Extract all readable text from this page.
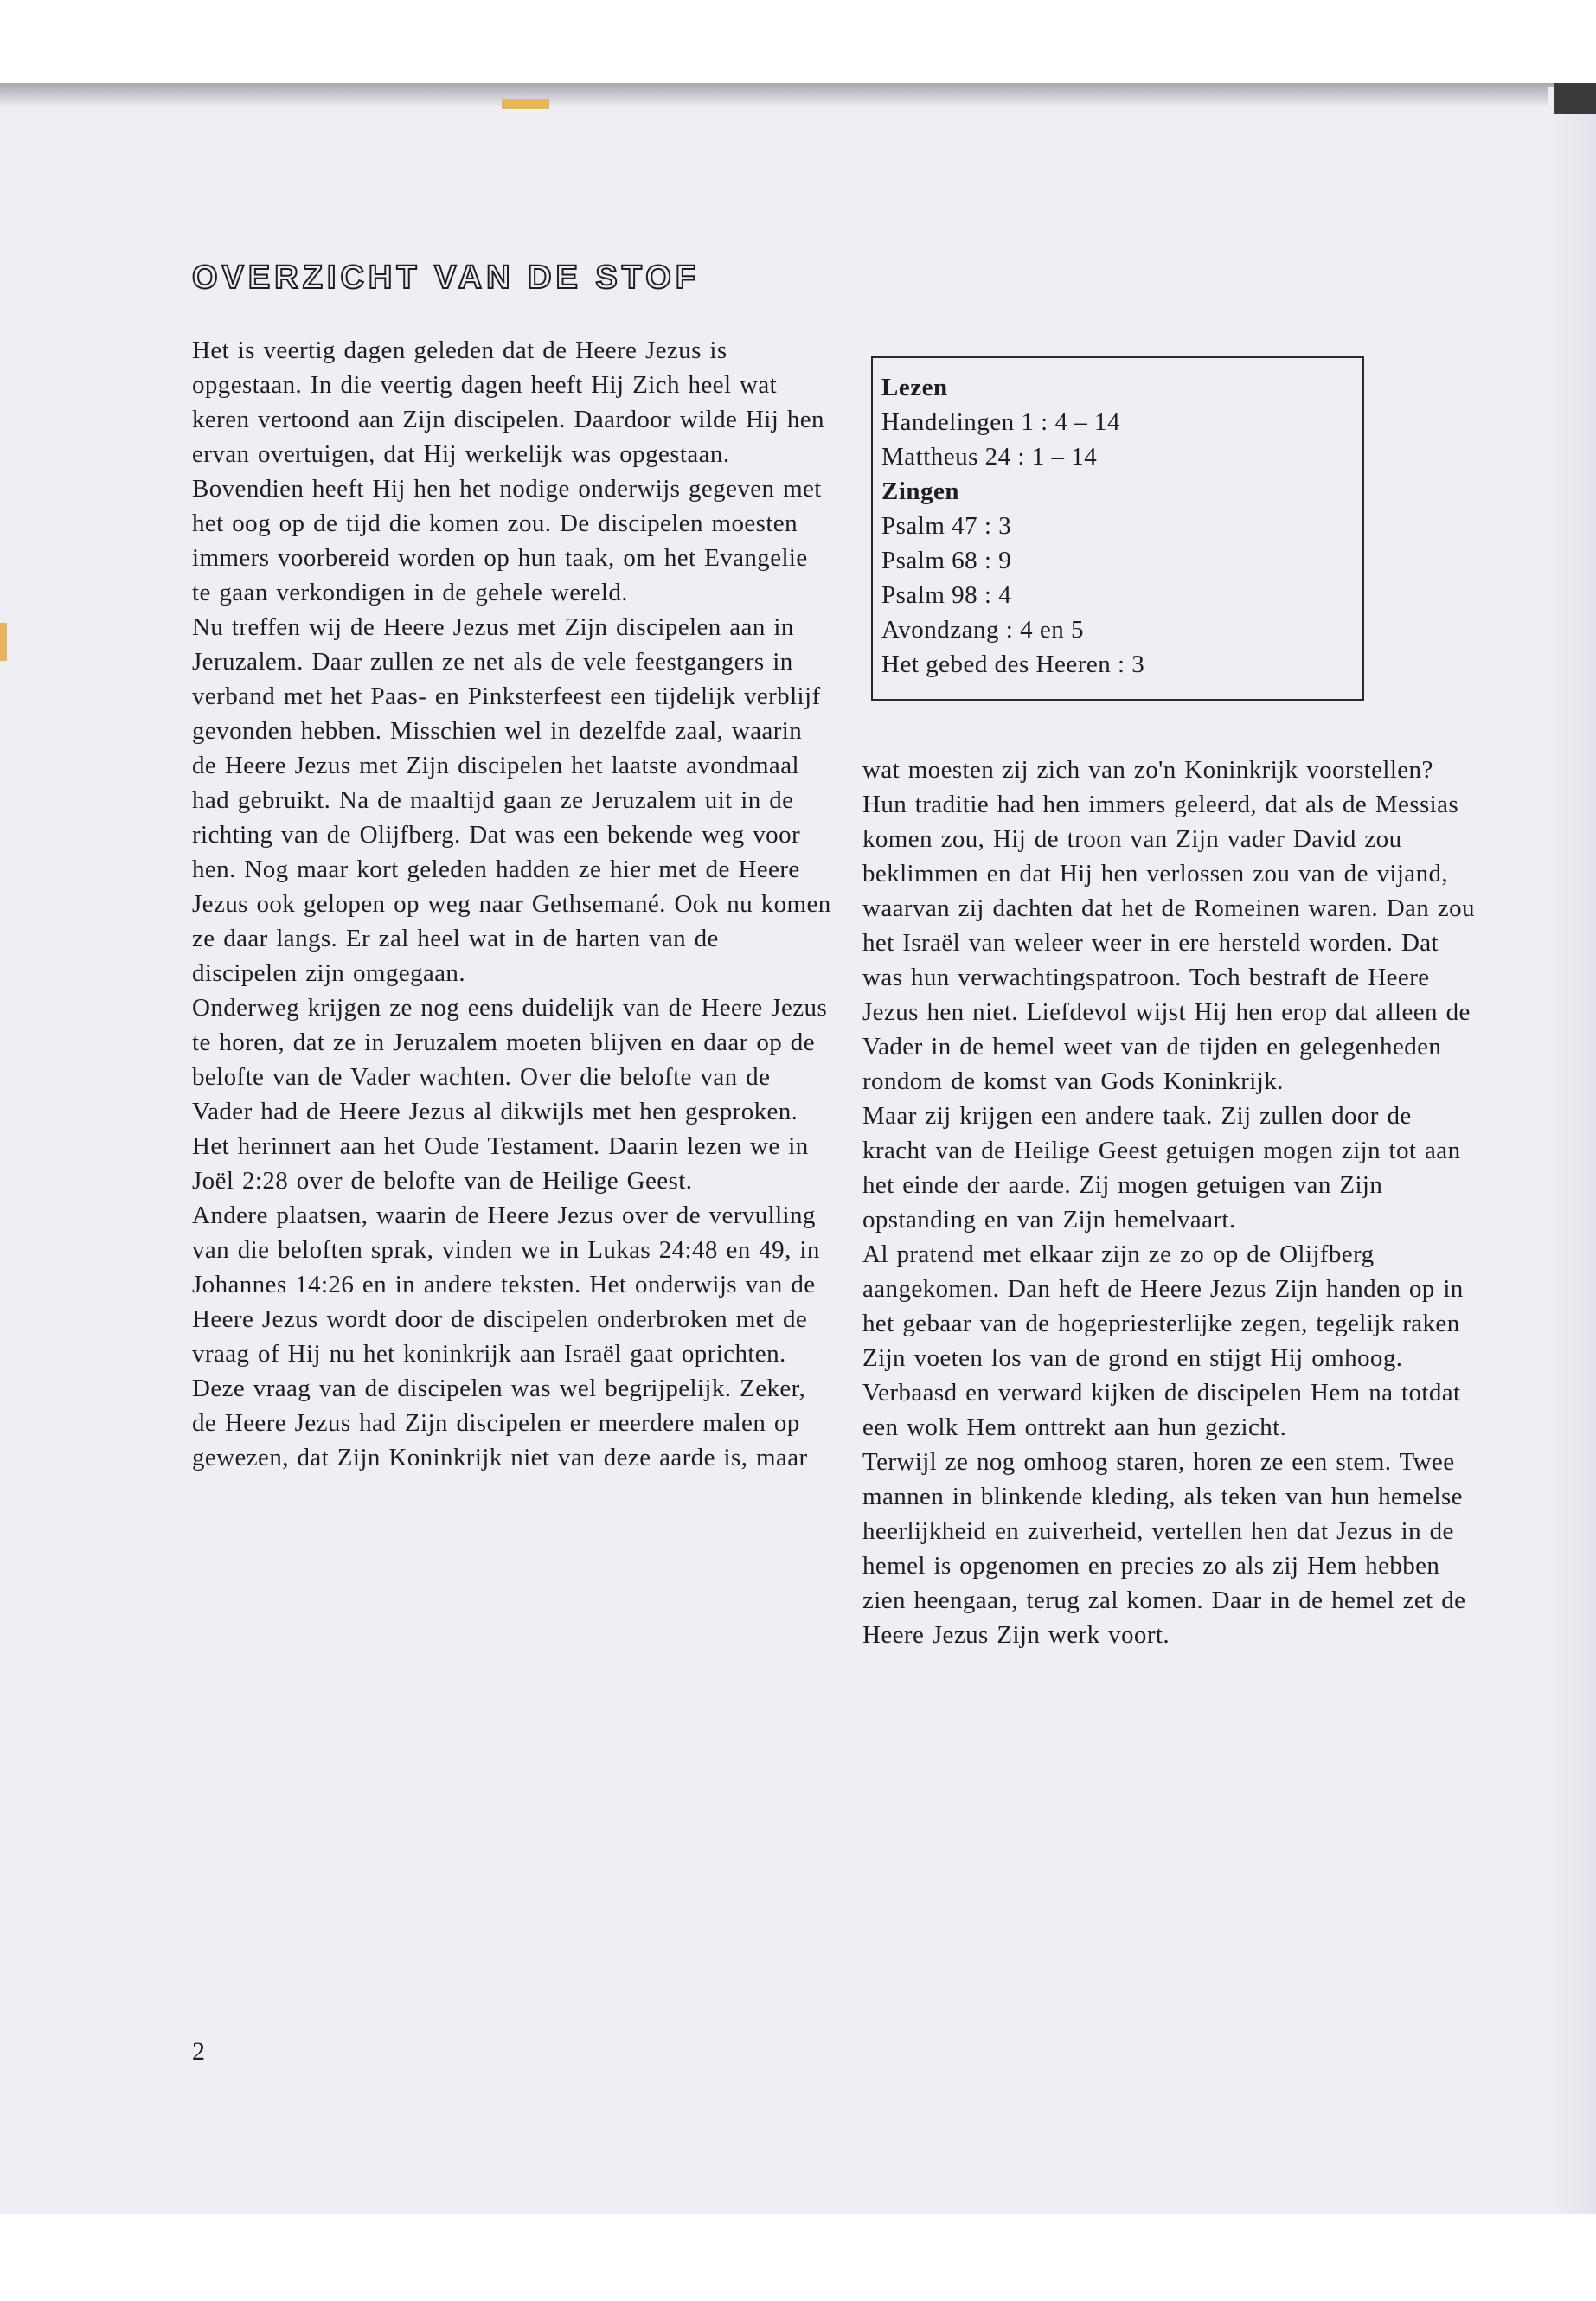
OVERZICHT VAN DE STOF

Het is veertig dagen geleden dat de Heere Jezus is opgestaan. In die veertig dagen heeft Hij Zich heel wat keren vertoond aan Zijn discipelen. Daardoor wilde Hij hen ervan overtuigen, dat Hij werkelijk was opgestaan. Bovendien heeft Hij hen het nodige onderwijs gegeven met het oog op de tijd die komen zou. De discipelen moesten immers voorbereid worden op hun taak, om het Evangelie te gaan verkondigen in de gehele wereld.

Nu treffen wij de Heere Jezus met Zijn discipelen aan in Jeruzalem. Daar zullen ze net als de vele feestgangers in verband met het Paas- en Pinksterfeest een tijdelijk verblijf gevonden hebben. Misschien wel in dezelfde zaal, waarin de Heere Jezus met Zijn discipelen het laatste avondmaal had gebruikt. Na de maaltijd gaan ze Jeruzalem uit in de richting van de Olijfberg. Dat was een bekende weg voor hen. Nog maar kort geleden hadden ze hier met de Heere Jezus ook gelopen op weg naar Gethsemané. Ook nu komen ze daar langs. Er zal heel wat in de harten van de discipelen zijn omgegaan.

Onderweg krijgen ze nog eens duidelijk van de Heere Jezus te horen, dat ze in Jeruzalem moeten blijven en daar op de belofte van de Vader wachten. Over die belofte van de Vader had de Heere Jezus al dikwijls met hen gesproken. Het herinnert aan het Oude Testament. Daarin lezen we in Joël 2:28 over de belofte van de Heilige Geest.

Andere plaatsen, waarin de Heere Jezus over de vervulling van die beloften sprak, vinden we in Lukas 24:48 en 49, in Johannes 14:26 en in andere teksten. Het onderwijs van de Heere Jezus wordt door de discipelen onderbroken met de vraag of Hij nu het koninkrijk aan Israël gaat oprichten. Deze vraag van de discipelen was wel begrijpelijk. Zeker, de Heere Jezus had Zijn discipelen er meerdere malen op gewezen, dat Zijn Koninkrijk niet van deze aarde is, maar

Lezen
Handelingen 1 : 4 – 14
Mattheus 24 : 1 – 14
Zingen
Psalm 47 : 3
Psalm 68 : 9
Psalm 98 : 4
Avondzang : 4 en 5
Het gebed des Heeren : 3

wat moesten zij zich van zo'n Koninkrijk voorstellen?

Hun traditie had hen immers geleerd, dat als de Messias komen zou, Hij de troon van Zijn vader David zou beklimmen en dat Hij hen verlossen zou van de vijand, waarvan zij dachten dat het de Romeinen waren. Dan zou het Israël van weleer weer in ere hersteld worden. Dat was hun verwachtingspatroon. Toch bestraft de Heere Jezus hen niet. Liefdevol wijst Hij hen erop dat alleen de Vader in de hemel weet van de tijden en gelegenheden rondom de komst van Gods Koninkrijk.

Maar zij krijgen een andere taak. Zij zullen door de kracht van de Heilige Geest getuigen mogen zijn tot aan het einde der aarde. Zij mogen getuigen van Zijn opstanding en van Zijn hemelvaart.

Al pratend met elkaar zijn ze zo op de Olijfberg aangekomen. Dan heft de Heere Jezus Zijn handen op in het gebaar van de hogepriesterlijke zegen, tegelijk raken Zijn voeten los van de grond en stijgt Hij omhoog. Verbaasd en verward kijken de discipelen Hem na totdat een wolk Hem onttrekt aan hun gezicht.

Terwijl ze nog omhoog staren, horen ze een stem. Twee mannen in blinkende kleding, als teken van hun hemelse heerlijkheid en zuiverheid, vertellen hen dat Jezus in de hemel is opgenomen en precies zo als zij Hem hebben zien heengaan, terug zal komen. Daar in de hemel zet de Heere Jezus Zijn werk voort.

2
